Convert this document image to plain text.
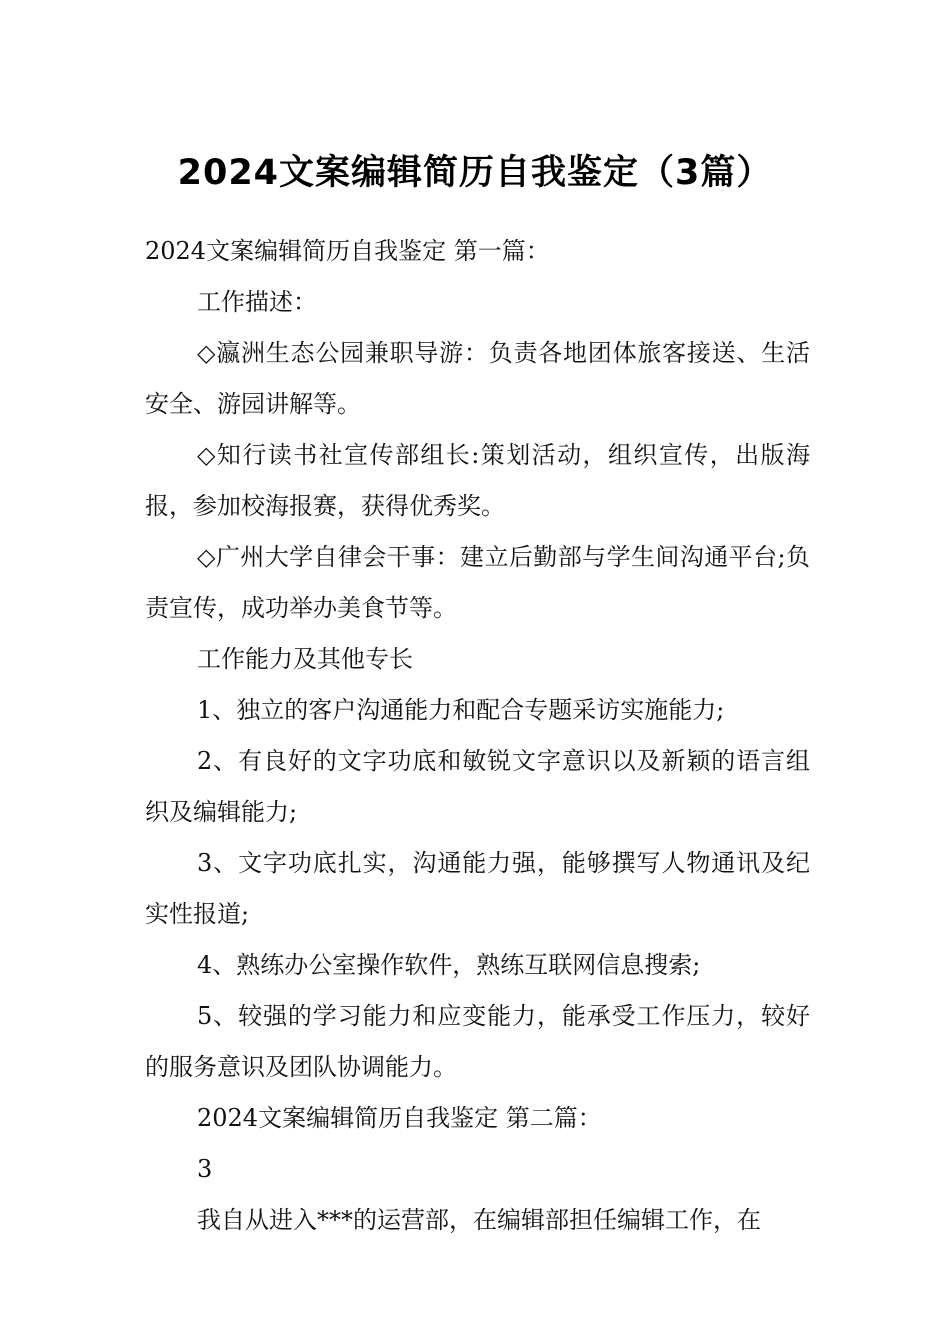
2024文案编辑简历自我鉴定（3篇）

2024文案编辑简历自我鉴定 第一篇：

工作描述：

◇瀛洲生态公园兼职导游：负责各地团体旅客接送、生活安全、游园讲解等。

◇知行读书社宣传部组长:策划活动，组织宣传，出版海报，参加校海报赛，获得优秀奖。

◇广州大学自律会干事：建立后勤部与学生间沟通平台;负责宣传，成功举办美食节等。

工作能力及其他专长

1、独立的客户沟通能力和配合专题采访实施能力;

2、有良好的文字功底和敏锐文字意识以及新颖的语言组织及编辑能力;

3、文字功底扎实，沟通能力强，能够撰写人物通讯及纪实性报道;

4、熟练办公室操作软件，熟练互联网信息搜索;

5、较强的学习能力和应变能力，能承受工作压力，较好的服务意识及团队协调能力。

2024文案编辑简历自我鉴定 第二篇：

3

我自从进入***的运营部，在编辑部担任编辑工作，在
